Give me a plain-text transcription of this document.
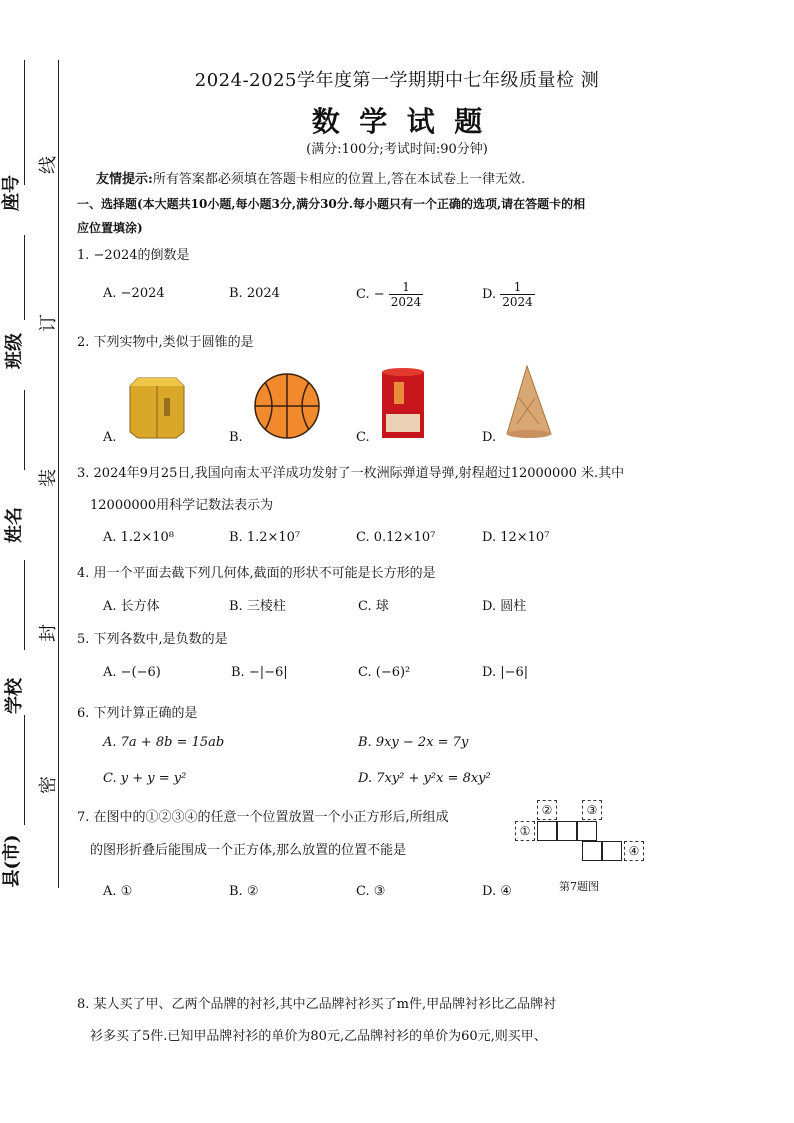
座号
班级
姓名
学校
县(市)
线
订
装
封
密
2024-2025学年度第一学期期中七年级质量检 测
数  学  试  题
(满分:100分;考试时间:90分钟)
友情提示:所有答案都必须填在答题卡相应的位置上,答在本试卷上一律无效.
一、选择题(本大题共10小题,每小题3分,满分30分.每小题只有一个正确的选项,请在答题卡的相
应位置填涂)
1. −2024的倒数是
A. −2024	B. 2024	C. − $\frac{1}{2024}$	D. $\frac{1}{2024}$
2. 下列实物中,类似于圆锥的是
A.	B.	C.	D.
3. 2024年9月25日,我国向南太平洋成功发射了一枚洲际弹道导弹,射程超过12000000 米.其中
12000000用科学记数法表示为
A. 1.2×10⁸	B. 1.2×10⁷	C. 0.12×10⁷	D. 12×10⁷
4. 用一个平面去截下列几何体,截面的形状不可能是长方形的是
A. 长方体	B. 三棱柱	C. 球	D. 圆柱
5. 下列各数中,是负数的是
A. −(−6)	B. −|−6|	C. (−6)²	D. |−6|
6. 下列计算正确的是
A. 7a + 8b = 15ab	B. 9xy − 2x = 7y
C. y + y = y²	D. 7xy² + y²x = 8xy²
7. 在图中的①②③④的任意一个位置放置一个小正方形后,所组成
的图形折叠后能围成一个正方体,那么放置的位置不能是
A. ①	B. ②	C. ③	D. ④
①
②	③
④
第7题图
8. 某人买了甲、乙两个品牌的衬衫,其中乙品牌衬衫买了m件,甲品牌衬衫比乙品牌衬
衫多买了5件.已知甲品牌衬衫的单价为80元,乙品牌衬衫的单价为60元,则买甲、
